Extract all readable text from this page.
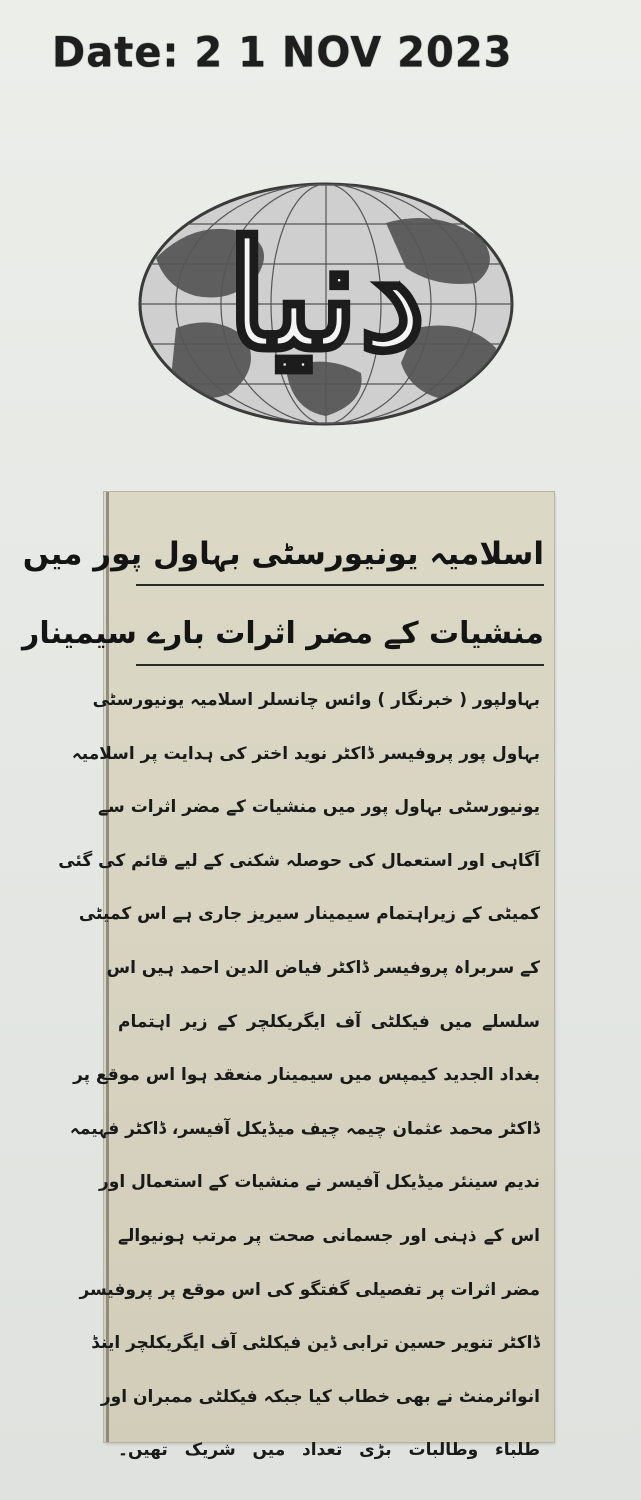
Date: 2 1 NOV 2023
دنیا
اسلامیہ یونیورسٹی بہاول پور میں
منشیات کے مضر اثرات بارے سیمینار
بہاولپور ( خبرنگار ) وائس چانسلر اسلامیہ یونیورسٹی
بہاول پور پروفیسر ڈاکٹر نوید اختر کی ہدایت پر اسلامیہ
یونیورسٹی بہاول پور میں منشیات کے مضر اثرات سے
آگاہی اور استعمال کی حوصلہ شکنی کے لیے قائم کی گئی
کمیٹی کے زیراہتمام سیمینار سیریز جاری ہے اس کمیٹی
کے سربراہ پروفیسر ڈاکٹر فیاض الدین احمد ہیں اس
سلسلے میں فیکلٹی آف ایگریکلچر کے زیر اہتمام
بغداد الجدید کیمپس میں سیمینار منعقد ہوا اس موقع پر
ڈاکٹر محمد عثمان چیمہ چیف میڈیکل آفیسر، ڈاکٹر فہیمہ
ندیم سینئر میڈیکل آفیسر نے منشیات کے استعمال اور
اس کے ذہنی اور جسمانی صحت پر مرتب ہونیوالے
مضر اثرات پر تفصیلی گفتگو کی اس موقع پر پروفیسر
ڈاکٹر تنویر حسین ترابی ڈین فیکلٹی آف ایگریکلچر اینڈ
انوائرمنٹ نے بھی خطاب کیا جبکہ فیکلٹی ممبران اور
طلباء وطالبات بڑی تعداد میں شریک تھیں۔
